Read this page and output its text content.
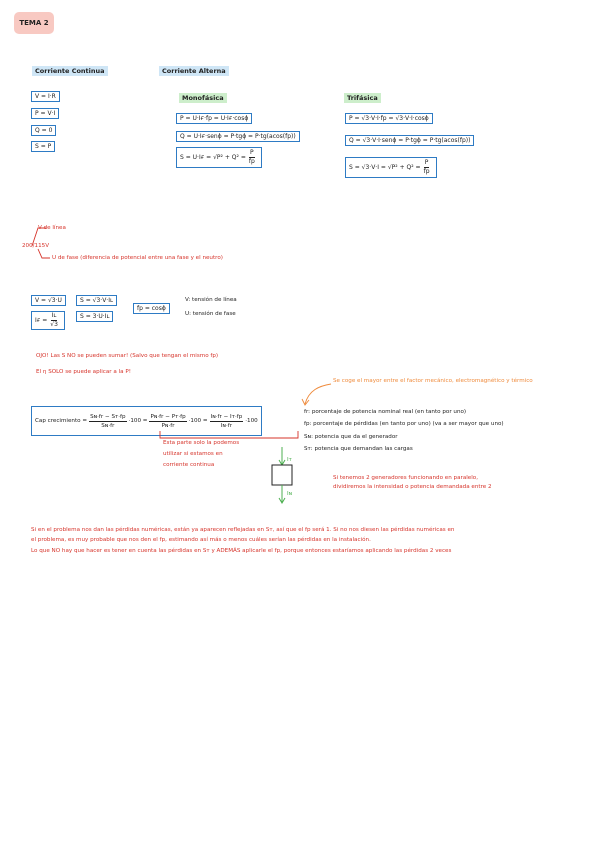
TEMA 2
Corriente Continua	Corriente Alterna
Monofásica	Trifásica
V = I·R
P = V·I
Q = 0
S = P
P = U·Iғ·fp = U·Iғ·cosϕ
Q = U·Iғ·senϕ = P·tgϕ = P·tg(acos(fp))
$S = U\cdot Iғ = √P^2 + Q^2 = \frac{P}{fp}$
P = √3·V·I·fp = √3·V·I·cosϕ
Q = √3·V·I·senϕ = P·tgϕ = P·tg(acos(fp))
$S = √3\cdot V\cdot I = √P^2 + Q^2 = \frac{P}{fp}$
V de línea
200/115V
U de fase (diferencia de potencial entre una fase y el neutro)
V = √3·U
Iғ = $\frac{\text{Iʟ}}{√3}$
S = √3·V·Iʟ
S = 3·U·Iʟ
fp = cosϕ
V: tensión de línea
U: tensión de fase
OJO! Las S NO se pueden sumar! (Salvo que tengan el mismo fp)
El η SOLO se puede aplicar a la P!
Se coge el mayor entre el factor mecánico, electromagnético y térmico
Cap crecimiento = $\frac{\text{Sɴ·fr − Sᴛ·fp}}{\text{Sɴ·fr}} \cdot 100 = \frac{\text{Pɴ·fr − Pᴛ·fp}}{\text{Pɴ·fr}} \cdot 100 = \frac{\text{Iɴ·fr − Iᴛ·fp}}{\text{Iɴ·fr}} \cdot 100$
Esta parte solo la podemos
utilizar si estamos en
corriente continua
fr: porcentaje de potencia nominal real (en tanto por uno)
fp: porcentaje de pérdidas (en tanto por uno) (va a ser mayor que uno)
Sɴ: potencia que da el generador
Sᴛ: potencia que demandan las cargas
Iᴛ
Iɴ
Si tenemos 2 generadores funcionando en paralelo,
dividiremos la intensidad o potencia demandada entre 2
Si en el problema nos dan las pérdidas numéricas, están ya aparecen reflejadas en Sᴛ, así que el fp será 1. Si no nos diesen las pérdidas numéricas en
el problema, es muy probable que nos den el fp, estimando así más o menos cuáles serían las pérdidas en la instalación.
Lo que NO hay que hacer es tener en cuenta las pérdidas en Sᴛ y ADEMÁS aplicarle el fp, porque entonces estaríamos aplicando las pérdidas 2 veces
